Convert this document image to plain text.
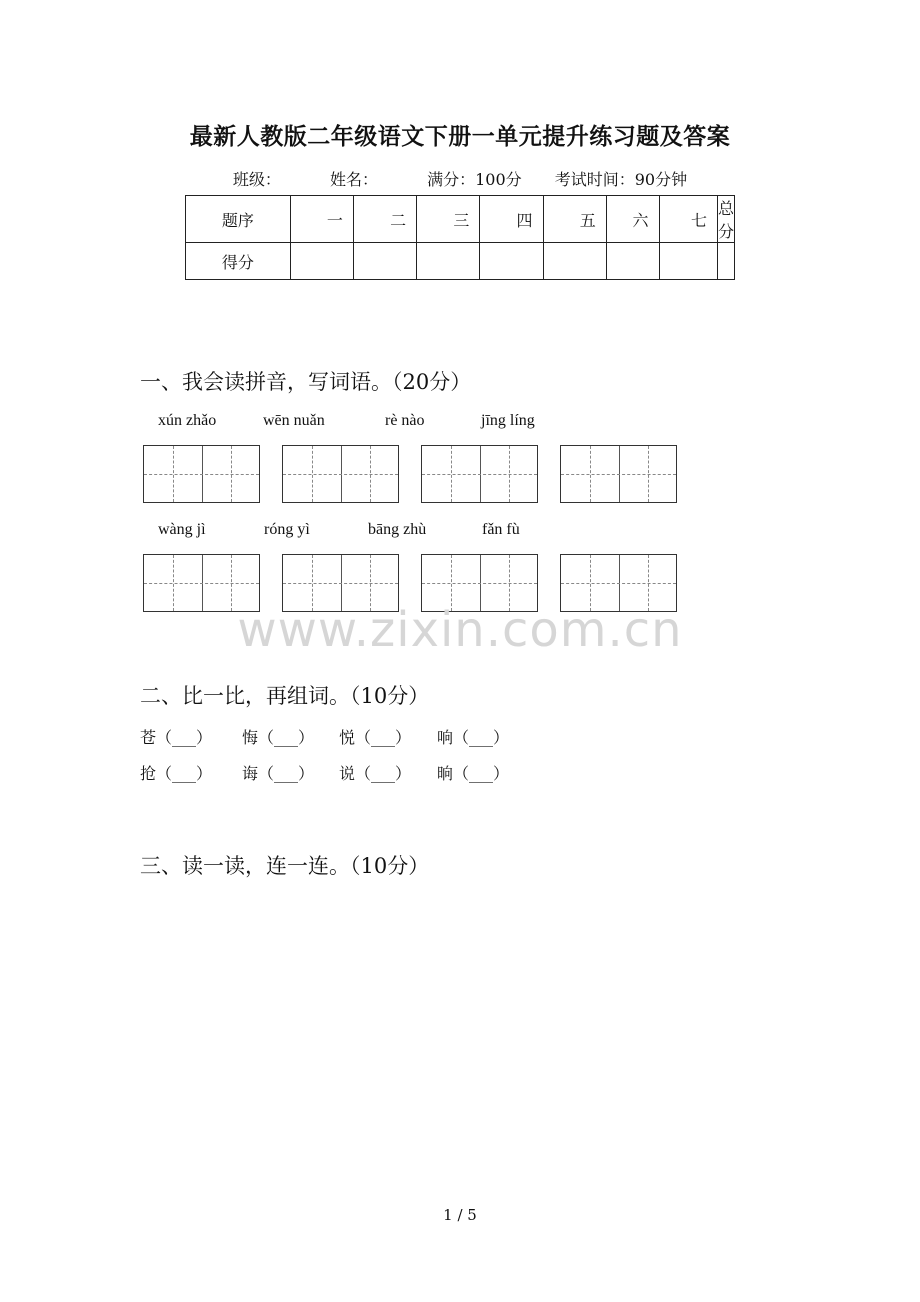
最新人教版二年级语文下册一单元提升练习题及答案
班级：	姓名：	满分：100分 考试时间：90分钟
题序	一	二	三	四	五	六	七	总分
得分								
一、我会读拼音，写词语。（20分）
xún zhǎo	wēn nuǎn	rè nào	jīng líng
wàng jì	róng yì	bāng zhù	fǎn fù
www.zixin.com.cn
二、比一比，再组词。（10分）
苍（___） 悔（___） 悦（___） 响（___）
抢（___） 诲（___） 说（___） 晌（___）
三、读一读，连一连。（10分）
1 / 5
